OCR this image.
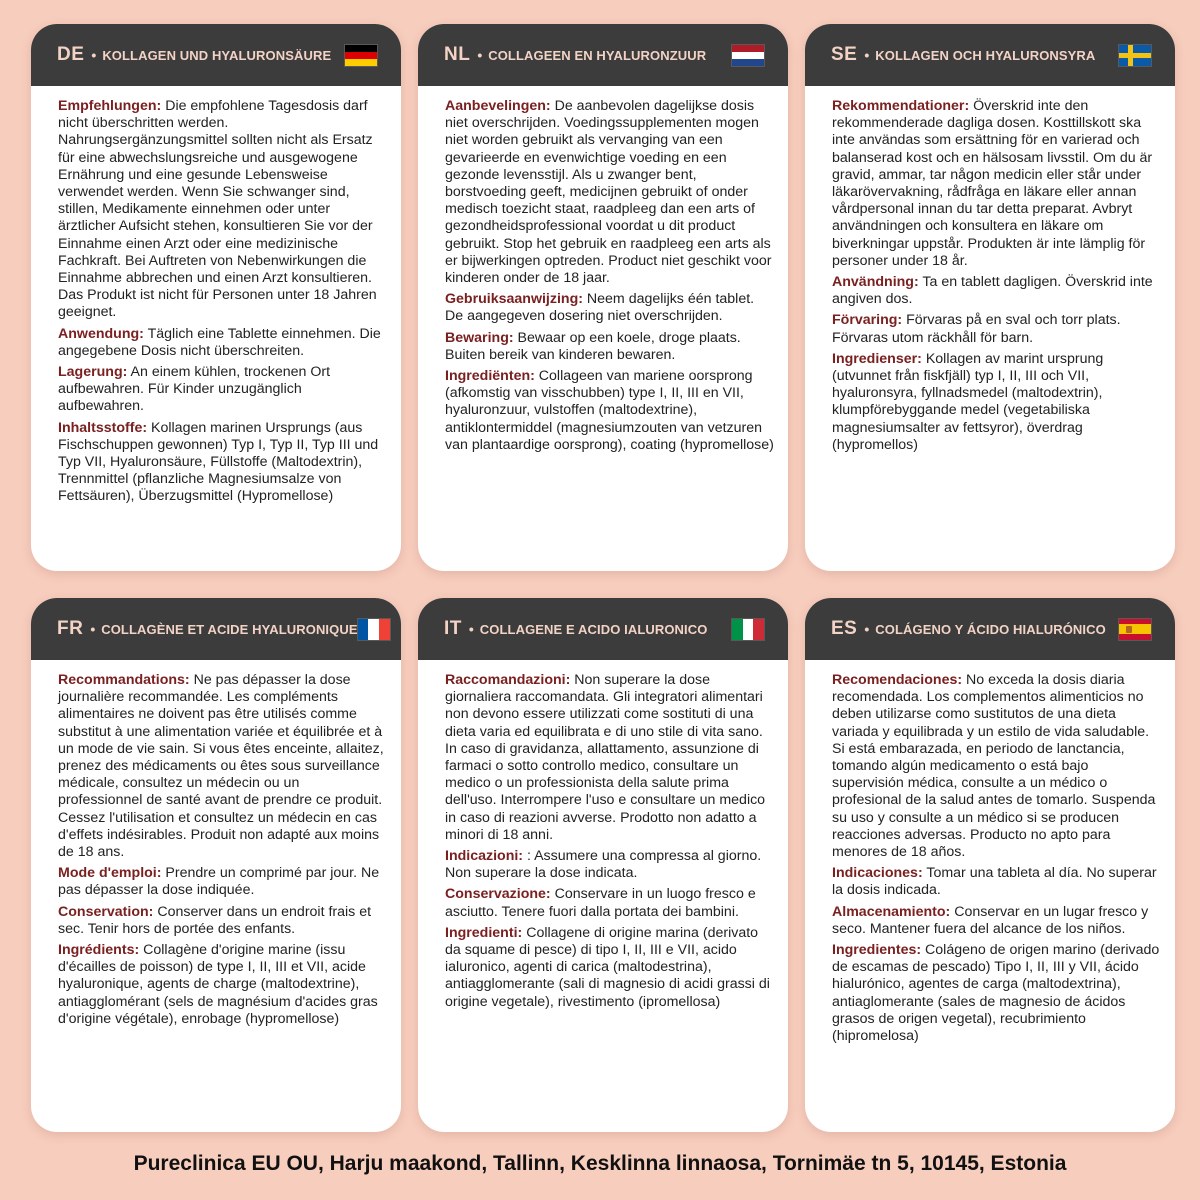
DE • KOLLAGEN UND HYALURONSÄURE

Empfehlungen: Die empfohlene Tagesdosis darf nicht überschritten werden. Nahrungsergänzungsmittel sollten nicht als Ersatz für eine abwechslungsreiche und ausgewogene Ernährung und eine gesunde Lebensweise verwendet werden. Wenn Sie schwanger sind, stillen, Medikamente einnehmen oder unter ärztlicher Aufsicht stehen, konsultieren Sie vor der Einnahme einen Arzt oder eine medizinische Fachkraft. Bei Auftreten von Nebenwirkungen die Einnahme abbrechen und einen Arzt konsultieren. Das Produkt ist nicht für Personen unter 18 Jahren geeignet.

Anwendung: Täglich eine Tablette einnehmen. Die angegebene Dosis nicht überschreiten.

Lagerung: An einem kühlen, trockenen Ort aufbewahren. Für Kinder unzugänglich aufbewahren.

Inhaltsstoffe: Kollagen marinen Ursprungs (aus Fischschuppen gewonnen) Typ I, Typ II, Typ III und Typ VII, Hyaluronsäure, Füllstoffe (Maltodextrin), Trennmittel (pflanzliche Magnesiumsalze von Fettsäuren), Überzugsmittel (Hypromellose)

NL • COLLAGEEN EN HYALURONZUUR

Aanbevelingen: De aanbevolen dagelijkse dosis niet overschrijden. Voedingssupplementen mogen niet worden gebruikt als vervanging van een gevarieerde en evenwichtige voeding en een gezonde levensstijl. Als u zwanger bent, borstvoeding geeft, medicijnen gebruikt of onder medisch toezicht staat, raadpleeg dan een arts of gezondheidsprofessional voordat u dit product gebruikt. Stop het gebruik en raadpleeg een arts als er bijwerkingen optreden. Product niet geschikt voor kinderen onder de 18 jaar.

Gebruiksaanwijzing: Neem dagelijks één tablet. De aangegeven dosering niet overschrijden.

Bewaring: Bewaar op een koele, droge plaats. Buiten bereik van kinderen bewaren.

Ingrediënten: Collageen van mariene oorsprong (afkomstig van visschubben) type I, II, III en VII, hyaluronzuur, vulstoffen (maltodextrine), antiklontermiddel (magnesiumzouten van vetzuren van plantaardige oorsprong), coating (hypromellose)

SE • KOLLAGEN OCH HYALURONSYRA

Rekommendationer: Överskrid inte den rekommenderade dagliga dosen. Kosttillskott ska inte användas som ersättning för en varierad och balanserad kost och en hälsosam livsstil. Om du är gravid, ammar, tar någon medicin eller står under läkarövervakning, rådfråga en läkare eller annan vårdpersonal innan du tar detta preparat. Avbryt användningen och konsultera en läkare om biverkningar uppstår. Produkten är inte lämplig för personer under 18 år.

Användning: Ta en tablett dagligen. Överskrid inte angiven dos.

Förvaring: Förvaras på en sval och torr plats. Förvaras utom räckhåll för barn.

Ingredienser: Kollagen av marint ursprung (utvunnet från fiskfjäll) typ I, II, III och VII, hyaluronsyra, fyllnadsmedel (maltodextrin), klumpförebyggande medel (vegetabiliska magnesiumsalter av fettsyror), överdrag (hypromellos)

FR • COLLAGÈNE ET ACIDE HYALURONIQUE

Recommandations: Ne pas dépasser la dose journalière recommandée. Les compléments alimentaires ne doivent pas être utilisés comme substitut à une alimentation variée et équilibrée et à un mode de vie sain. Si vous êtes enceinte, allaitez, prenez des médicaments ou êtes sous surveillance médicale, consultez un médecin ou un professionnel de santé avant de prendre ce produit. Cessez l'utilisation et consultez un médecin en cas d'effets indésirables. Produit non adapté aux moins de 18 ans.

Mode d'emploi: Prendre un comprimé par jour. Ne pas dépasser la dose indiquée.

Conservation: Conserver dans un endroit frais et sec. Tenir hors de portée des enfants.

Ingrédients: Collagène d'origine marine (issu d'écailles de poisson) de type I, II, III et VII, acide hyaluronique, agents de charge (maltodextrine), antiagglomérant (sels de magnésium d'acides gras d'origine végétale), enrobage (hypromellose)

IT • COLLAGENE E ACIDO IALURONICO

Raccomandazioni: Non superare la dose giornaliera raccomandata. Gli integratori alimentari non devono essere utilizzati come sostituti di una dieta varia ed equilibrata e di uno stile di vita sano. In caso di gravidanza, allattamento, assunzione di farmaci o sotto controllo medico, consultare un medico o un professionista della salute prima dell'uso. Interrompere l'uso e consultare un medico in caso di reazioni avverse. Prodotto non adatto a minori di 18 anni.

Indicazioni: : Assumere una compressa al giorno. Non superare la dose indicata.

Conservazione: Conservare in un luogo fresco e asciutto. Tenere fuori dalla portata dei bambini.

Ingredienti: Collagene di origine marina (derivato da squame di pesce) di tipo I, II, III e VII, acido ialuronico, agenti di carica (maltodestrina), antiagglomerante (sali di magnesio di acidi grassi di origine vegetale), rivestimento (ipromellosa)

ES • COLÁGENO Y ÁCIDO HIALURÓNICO

Recomendaciones: No exceda la dosis diaria recomendada. Los complementos alimenticios no deben utilizarse como sustitutos de una dieta variada y equilibrada y un estilo de vida saludable. Si está embarazada, en periodo de lanctancia, tomando algún medicamento o está bajo supervisión médica, consulte a un médico o profesional de la salud antes de tomarlo. Suspenda su uso y consulte a un médico si se producen reacciones adversas. Producto no apto para menores de 18 años.

Indicaciones: Tomar una tableta al día. No superar la dosis indicada.

Almacenamiento: Conservar en un lugar fresco y seco. Mantener fuera del alcance de los niños.

Ingredientes: Colágeno de origen marino (derivado de escamas de pescado) Tipo I, II, III y VII, ácido hialurónico, agentes de carga (maltodextrina), antiaglomerante (sales de magnesio de ácidos grasos de origen vegetal), recubrimiento (hipromelosa)

Pureclinica EU OU, Harju maakond, Tallinn, Kesklinna linnaosa, Tornimäe tn 5, 10145, Estonia
